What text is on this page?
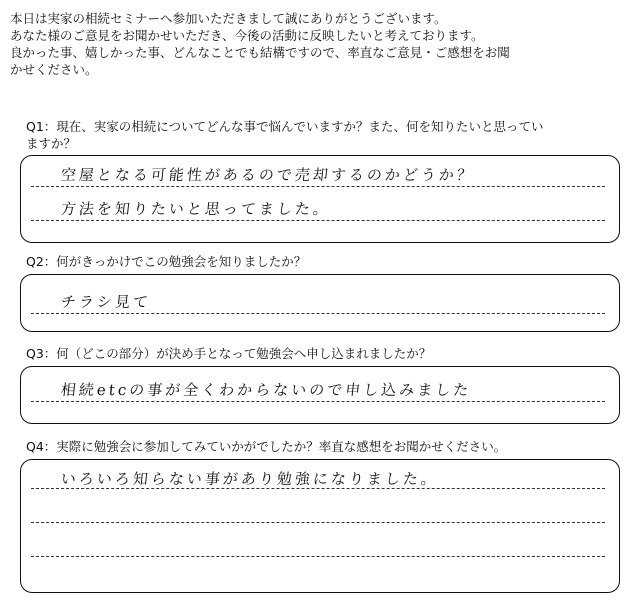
本日は実家の相続セミナーへ参加いただきまして誠にありがとうございます。

あなた様のご意見をお聞かせいただき、今後の活動に反映したいと考えております。

良かった事、嬉しかった事、どんなことでも結構ですので、率直なご意見・ご感想をお聞

かせください。

Q1：現在、実家の相続についてどんな事で悩んでいますか？また、何を知りたいと思ってい
ますか？
空屋となる可能性があるので売却するのかどうか？
方法を知りたいと思ってました。
Q2：何がきっかけでこの勉強会を知りましたか？
チラシ見て
Q3：何（どこの部分）が決め手となって勉強会へ申し込まれましたか？
相続etcの事が全くわからないので申し込みました
Q4：実際に勉強会に参加してみていかがでしたか？率直な感想をお聞かせください。
いろいろ知らない事があり勉強になりました。
